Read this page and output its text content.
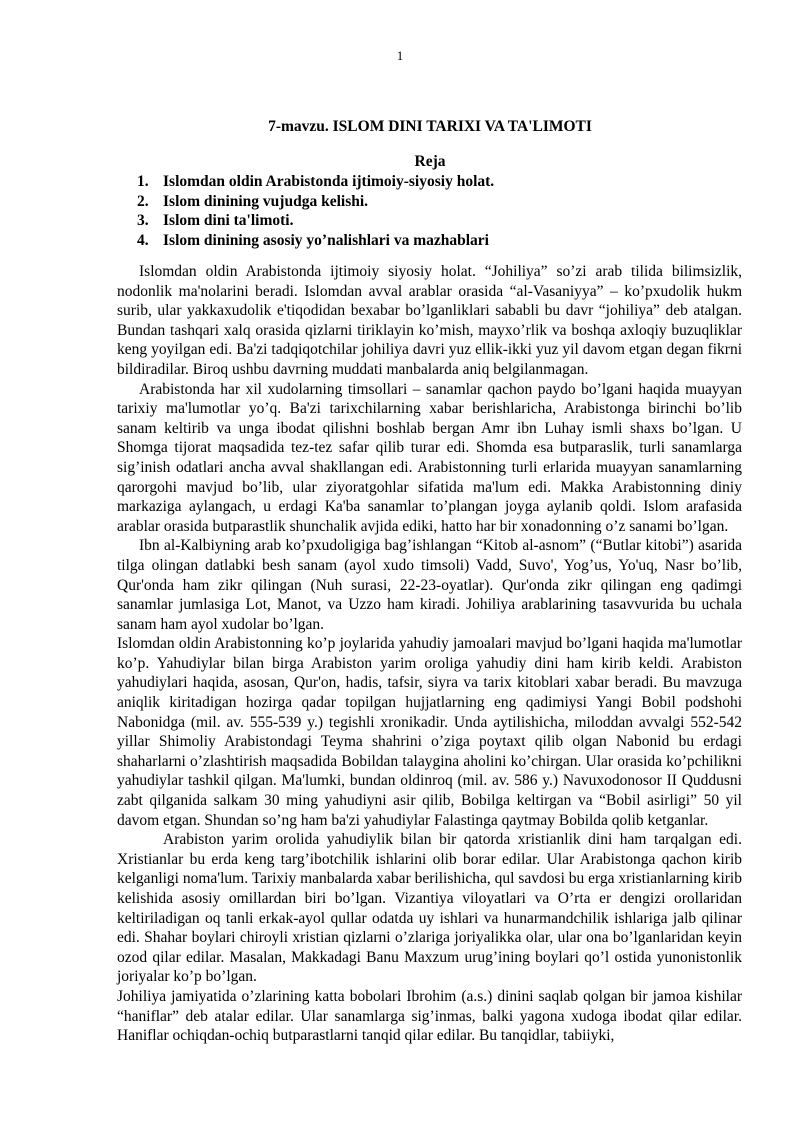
1
7-mavzu. ISLOM DINI TARIXI VA TA'LIMOTI
Reja
1. Islomdan oldin Arabistonda ijtimoiy-siyosiy holat.
2. Islom dinining vujudga kelishi.
3. Islom dini ta'limoti.
4. Islom dinining asosiy yo’nalishlari va mazhablari

Islomdan oldin Arabistonda ijtimoiy siyosiy holat. “Johiliya” so’zi arab tilida bilimsizlik, nodonlik ma'nolarini beradi. Islomdan avval arablar orasida “al-Vasaniyya” – ko’pxudolik hukm surib, ular yakkaxudolik e'tiqodidan bexabar bo’lganliklari sababli bu davr “johiliya” deb atalgan. Bundan tashqari xalq orasida qizlarni tiriklayin ko’mish, mayxo’rlik va boshqa axloqiy buzuqliklar keng yoyilgan edi. Ba'zi tadqiqotchilar johiliya davri yuz ellik-ikki yuz yil davom etgan degan fikrni bildiradilar. Biroq ushbu davrning muddati manbalarda aniq belgilanmagan.

Arabistonda har xil xudolarning timsollari – sanamlar qachon paydo bo’lgani haqida muayyan tarixiy ma'lumotlar yo’q. Ba'zi tarixchilarning xabar berishlaricha, Arabistonga birinchi bo’lib sanam keltirib va unga ibodat qilishni boshlab bergan Amr ibn Luhay ismli shaxs bo’lgan. U Shomga tijorat maqsadida tez-tez safar qilib turar edi. Shomda esa butparaslik, turli sanamlarga sig’inish odatlari ancha avval shakllangan edi. Arabistonning turli erlarida muayyan sanamlarning qarorgohi mavjud bo’lib, ular ziyoratgohlar sifatida ma'lum edi. Makka Arabistonning diniy markaziga aylangach, u erdagi Ka'ba sanamlar to’plangan joyga aylanib qoldi. Islom arafasida arablar orasida butparastlik shunchalik avjida ediki, hatto har bir xonadonning o’z sanami bo’lgan.

Ibn al-Kalbiyning arab ko’pxudoligiga bag’ishlangan “Kitob al-asnom” (“Butlar kitobi”) asarida tilga olingan datlabki besh sanam (ayol xudo timsoli) Vadd, Suvo', Yog’us, Yo'uq, Nasr bo’lib, Qur'onda ham zikr qilingan (Nuh surasi, 22-23-oyatlar). Qur'onda zikr qilingan eng qadimgi sanamlar jumlasiga Lot, Manot, va Uzzo ham kiradi. Johiliya arablarining tasavvurida bu uchala sanam ham ayol xudolar bo’lgan.

Islomdan oldin Arabistonning ko’p joylarida yahudiy jamoalari mavjud bo’lgani haqida ma'lumotlar ko’p. Yahudiylar bilan birga Arabiston yarim oroliga yahudiy dini ham kirib keldi. Arabiston yahudiylari haqida, asosan, Qur'on, hadis, tafsir, siyra va tarix kitoblari xabar beradi. Bu mavzuga aniqlik kiritadigan hozirga qadar topilgan hujjatlarning eng qadimiysi Yangi Bobil podshohi Nabonidga (mil. av. 555-539 y.) tegishli xronikadir. Unda aytilishicha, miloddan avvalgi 552-542 yillar Shimoliy Arabistondagi Teyma shahrini o’ziga poytaxt qilib olgan Nabonid bu erdagi shaharlarni o’zlashtirish maqsadida Bobildan talaygina aholini ko’chirgan. Ular orasida ko’pchilikni yahudiylar tashkil qilgan. Ma'lumki, bundan oldinroq (mil. av. 586 y.) Navuxodonosor II Quddusni zabt qilganida salkam 30 ming yahudiyni asir qilib, Bobilga keltirgan va “Bobil asirligi” 50 yil davom etgan. Shundan so’ng ham ba'zi yahudiylar Falastinga qaytmay Bobilda qolib ketganlar.

Arabiston yarim orolida yahudiylik bilan bir qatorda xristianlik dini ham tarqalgan edi. Xristianlar bu erda keng targ’ibotchilik ishlarini olib borar edilar. Ular Arabistonga qachon kirib kelganligi noma'lum. Tarixiy manbalarda xabar berilishicha, qul savdosi bu erga xristianlarning kirib kelishida asosiy omillardan biri bo’lgan. Vizantiya viloyatlari va O’rta er dengizi orollaridan keltiriladigan oq tanli erkak-ayol qullar odatda uy ishlari va hunarmandchilik ishlariga jalb qilinar edi. Shahar boylari chiroyli xristian qizlarni o’zlariga joriyalikka olar, ular ona bo’lganlaridan keyin ozod qilar edilar. Masalan, Makkadagi Banu Maxzum urug’ining boylari qo’l ostida yunonistonlik joriyalar ko’p bo’lgan.

Johiliya jamiyatida o’zlarining katta bobolari Ibrohim (a.s.) dinini saqlab qolgan bir jamoa kishilar “haniflar” deb atalar edilar. Ular sanamlarga sig’inmas, balki yagona xudoga ibodat qilar edilar. Haniflar ochiqdan-ochiq butparastlarni tanqid qilar edilar. Bu tanqidlar, tabiiyki,
